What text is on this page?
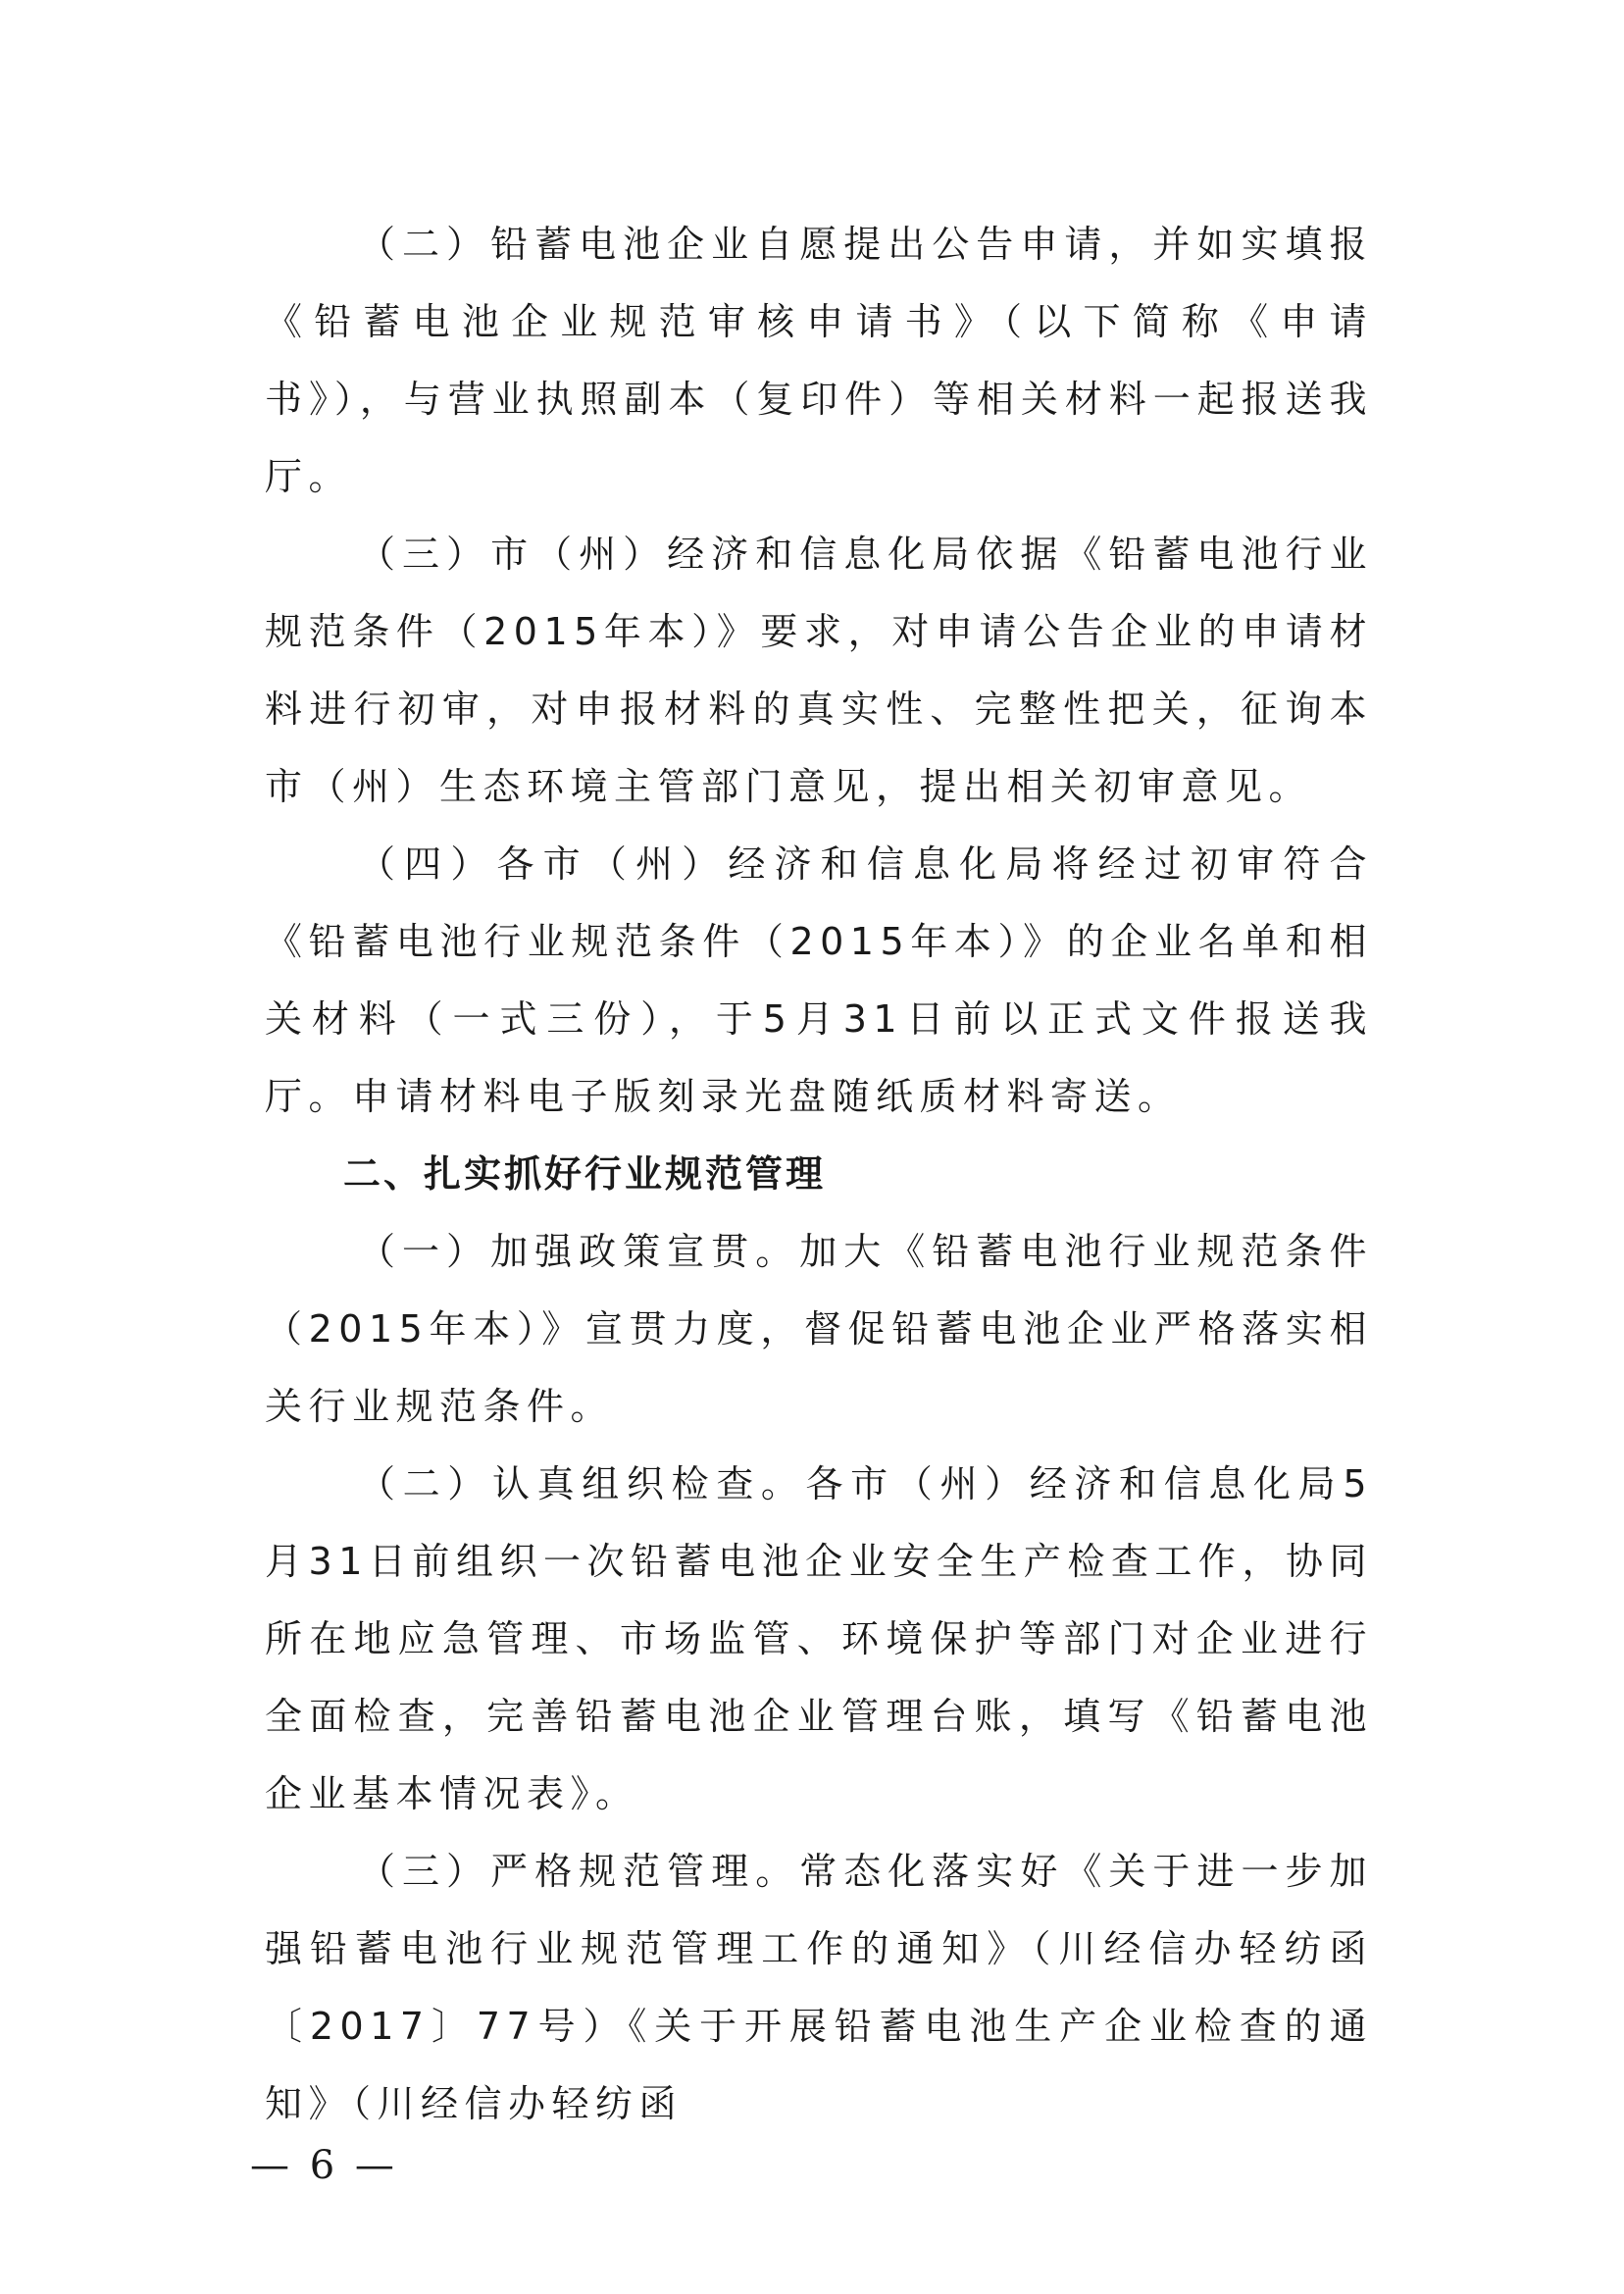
（二）铅蓄电池企业自愿提出公告申请，并如实填报《铅蓄电池企业规范审核申请书》（以下简称《申请书》），与营业执照副本（复印件）等相关材料一起报送我厅。

（三）市（州）经济和信息化局依据《铅蓄电池行业规范条件（2015年本）》要求，对申请公告企业的申请材料进行初审，对申报材料的真实性、完整性把关，征询本市（州）生态环境主管部门意见，提出相关初审意见。

（四）各市（州）经济和信息化局将经过初审符合《铅蓄电池行业规范条件（2015年本）》的企业名单和相关材料（一式三份），于5月31日前以正式文件报送我厅。申请材料电子版刻录光盘随纸质材料寄送。

二、扎实抓好行业规范管理

（一）加强政策宣贯。加大《铅蓄电池行业规范条件（2015年本）》宣贯力度，督促铅蓄电池企业严格落实相关行业规范条件。

（二）认真组织检查。各市（州）经济和信息化局5月31日前组织一次铅蓄电池企业安全生产检查工作，协同所在地应急管理、市场监管、环境保护等部门对企业进行全面检查，完善铅蓄电池企业管理台账，填写《铅蓄电池企业基本情况表》。

（三）严格规范管理。常态化落实好《关于进一步加强铅蓄电池行业规范管理工作的通知》（川经信办轻纺函〔2017〕77号）《关于开展铅蓄电池生产企业检查的通知》（川经信办轻纺函

— 6 —
